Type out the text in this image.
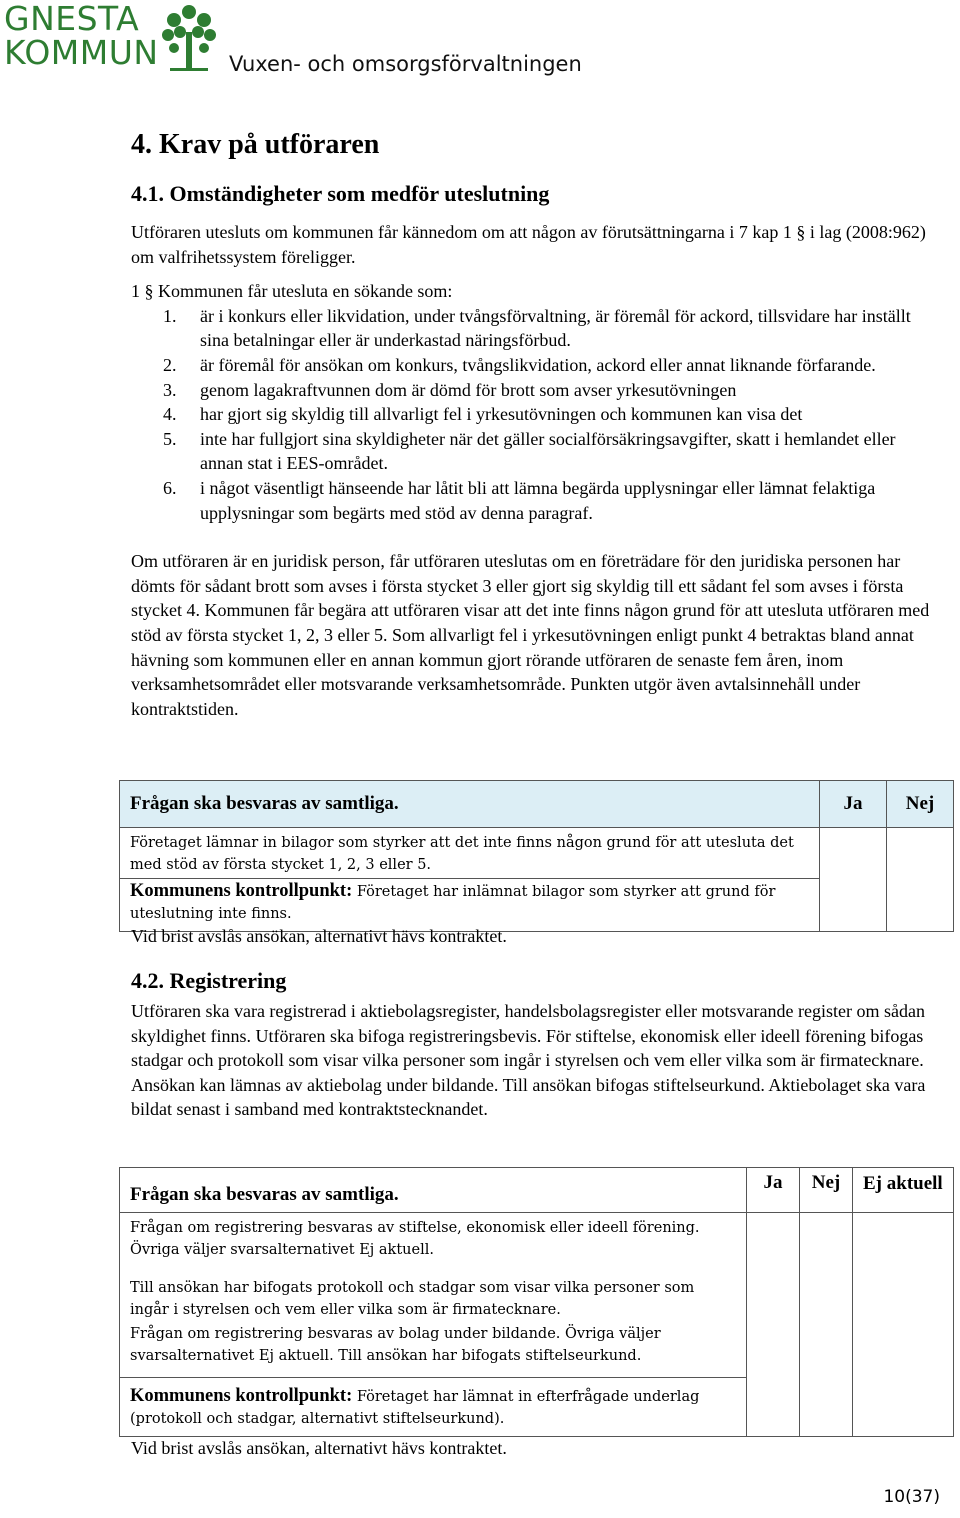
GNESTA
KOMMUN	Vuxen- och omsorgsförvaltningen
4. Krav på utföraren
4.1. Omständigheter som medför uteslutning

Utföraren utesluts om kommunen får kännedom om att någon av förutsättningarna i 7 kap 1 § i lag (2008:962) om valfrihetssystem föreligger.

1 § Kommunen får utesluta en sökande som:

1. är i konkurs eller likvidation, under tvångsförvaltning, är föremål för ackord, tillsvidare har inställt sina betalningar eller är underkastad näringsförbud.
2. är föremål för ansökan om konkurs, tvångslikvidation, ackord eller annat liknande förfarande.
3. genom lagakraftvunnen dom är dömd för brott som avser yrkesutövningen
4. har gjort sig skyldig till allvarligt fel i yrkesutövningen och kommunen kan visa det
5. inte har fullgjort sina skyldigheter när det gäller socialförsäkringsavgifter, skatt i hemlandet eller annan stat i EES-området.
6. i något väsentligt hänseende har låtit bli att lämna begärda upplysningar eller lämnat felaktiga upplysningar som begärts med stöd av denna paragraf.

Om utföraren är en juridisk person, får utföraren uteslutas om en företrädare för den juridiska personen har dömts för sådant brott som avses i första stycket 3 eller gjort sig skyldig till ett sådant fel som avses i första stycket 4. Kommunen får begära att utföraren visar att det inte finns någon grund för att utesluta utföraren med stöd av första stycket 1, 2, 3 eller 5. Som allvarligt fel i yrkesutövningen enligt punkt 4 betraktas bland annat hävning som kommunen eller en annan kommun gjort rörande utföraren de senaste fem åren, inom verksamhetsområdet eller motsvarande verksamhetsområde. Punkten utgör även avtalsinnehåll under kontraktstiden.

Frågan ska besvaras av samtliga.	Ja	Nej

Företaget lämnar in bilagor som styrker att det inte finns någon grund för att utesluta det med stöd av första stycket 1, 2, 3 eller 5.
Kommunens kontrollpunkt: Företaget har inlämnat bilagor som styrker att grund för uteslutning inte finns.		

Vid brist avslås ansökan, alternativt hävs kontraktet.
4.2. Registrering

Utföraren ska vara registrerad i aktiebolagsregister, handelsbolagsregister eller motsvarande register om sådan skyldighet finns. Utföraren ska bifoga registreringsbevis. För stiftelse, ekonomisk eller ideell förening bifogas stadgar och protokoll som visar vilka personer som ingår i styrelsen och vem eller vilka som är firmatecknare. Ansökan kan lämnas av aktiebolag under bildande. Till ansökan bifogas stiftelseurkund. Aktiebolaget ska vara bildat senast i samband med kontraktstecknandet.

Frågan ska besvaras av samtliga.	Ja	Nej	Ej aktuell

Frågan om registrering besvaras av stiftelse, ekonomisk eller ideell förening. Övriga väljer svarsalternativet Ej aktuell.
Till ansökan har bifogats protokoll och stadgar som visar vilka personer som ingår i styrelsen och vem eller vilka som är firmatecknare.
Frågan om registrering besvaras av bolag under bildande. Övriga väljer svarsalternativet Ej aktuell. Till ansökan har bifogats stiftelseurkund.
Kommunens kontrollpunkt: Företaget har lämnat in efterfrågade underlag (protokoll och stadgar, alternativt stiftelseurkund).			

Vid brist avslås ansökan, alternativt hävs kontraktet.
10(37)
